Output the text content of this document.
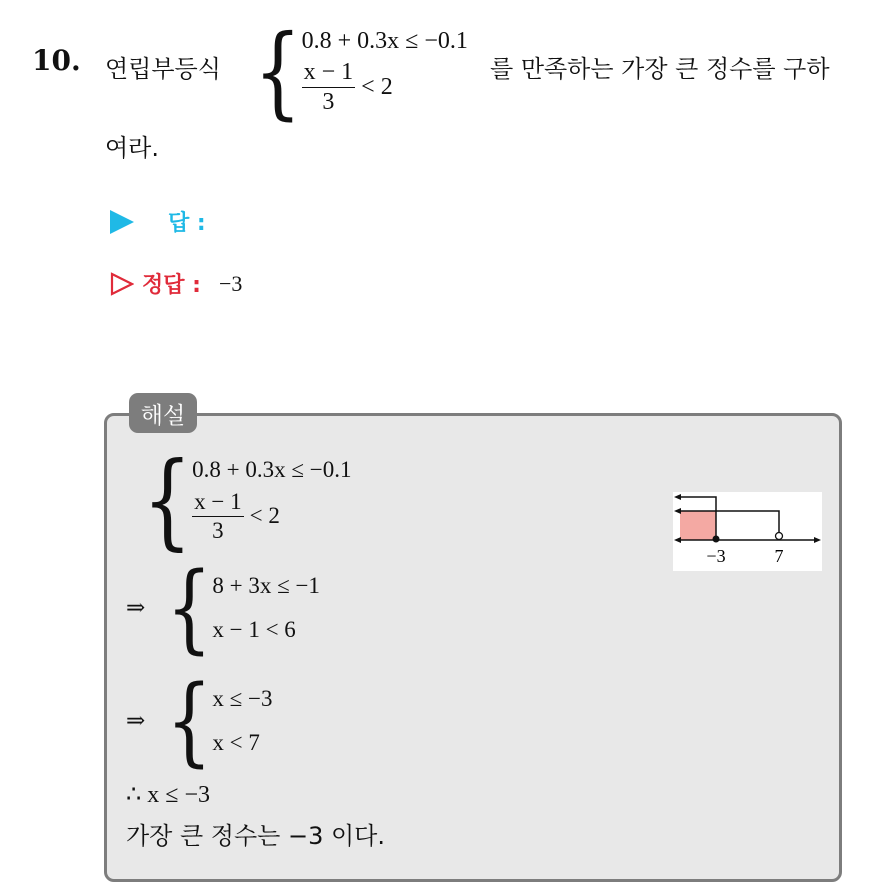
10. 연립부등식 { 0.8 + 0.3x ≤ −0.1
$\frac{x - 1}{3} < 2$
를 만족하는 가장 큰 정수를 구하
여라.
답 :
정답 : −3
해설
{ 0.8 + 0.3x ≤ −0.1
$\frac{x - 1}{3} < 2$
⇒ { 8 + 3x ≤ −1
x − 1 < 6
⇒ { x ≤ −3
x < 7
∴ x ≤ −3
가장 큰 정수는 −3 이다.
−3	7
